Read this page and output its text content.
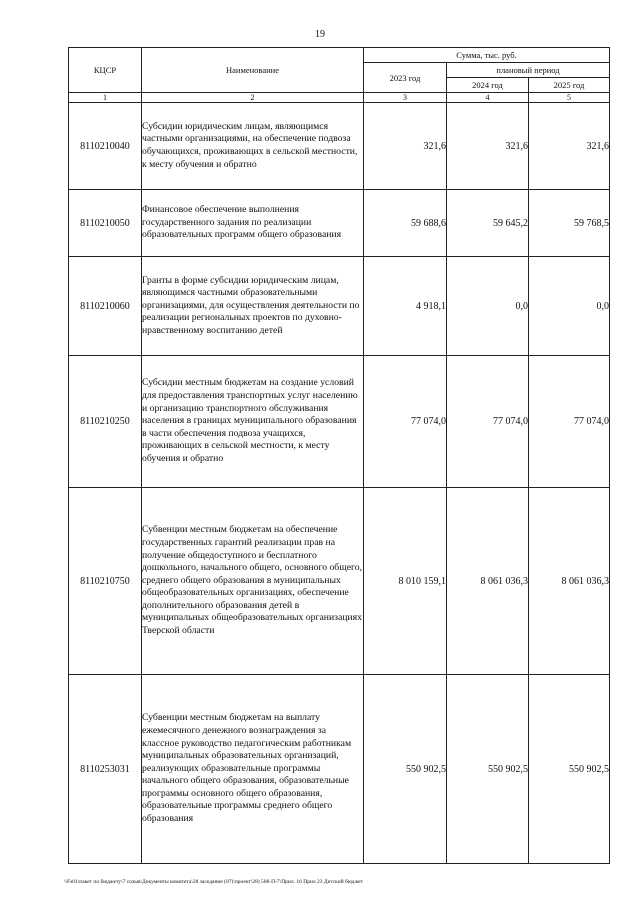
19
КЦСР	Наименование	Сумма, тыс. руб.		
		2023 год	плановый период	
			2024 год	2025 год
1	2	3	4	5
8110210040	Субсидии юридическим лицам, являющимся частными организациями, на обеспечение подвоза обучающихся, проживающих в сельской местности, к месту обучения и обратно	321,6	321,6	321,6
8110210050	Финансовое обеспечение выполнения государственного задания по реализации образовательных программ общего образования	59 688,6	59 645,2	59 768,5
8110210060	Гранты в форме субсидии юридическим лицам, являющимся частными образовательными организациями, для осуществления деятельности по реализации региональных проектов по духовно-нравственному воспитанию детей	4 918,1	0,0	0,0
8110210250	Субсидии местным бюджетам на создание условий для предоставления транспортных услуг населению и организацию транспортного обслуживания населения в границах муниципального образования в части обеспечения подвоза учащихся, проживающих в сельской местности, к месту обучения и обратно	77 074,0	77 074,0	77 074,0
8110210750	Субвенции местным бюджетам на обеспечение государственных гарантий реализации прав на получение общедоступного и бесплатного дошкольного, начального общего, основного общего, среднего общего образования в муниципальных общеобразовательных организациях, обеспечение дополнительного образования детей в муниципальных общеобразовательных организациях Тверской области	8 010 159,1	8 061 036,3	8 061 036,3
8110253031	Субвенции местным бюджетам на выплату ежемесячного денежного вознаграждения за классное руководство педагогическим работникам муниципальных образовательных организаций, реализующих образовательные программы начального общего образования, образовательные программы основного общего образования, образовательные программы среднего общего образования	550 902,5	550 902,5	550 902,5
\\Fs01\пакет по бюджету\7 созыв\Документы комитета\28 заседание (07)\проект\28) 508-П-7\Прил. 16 Прил 23 Детский бюджет
